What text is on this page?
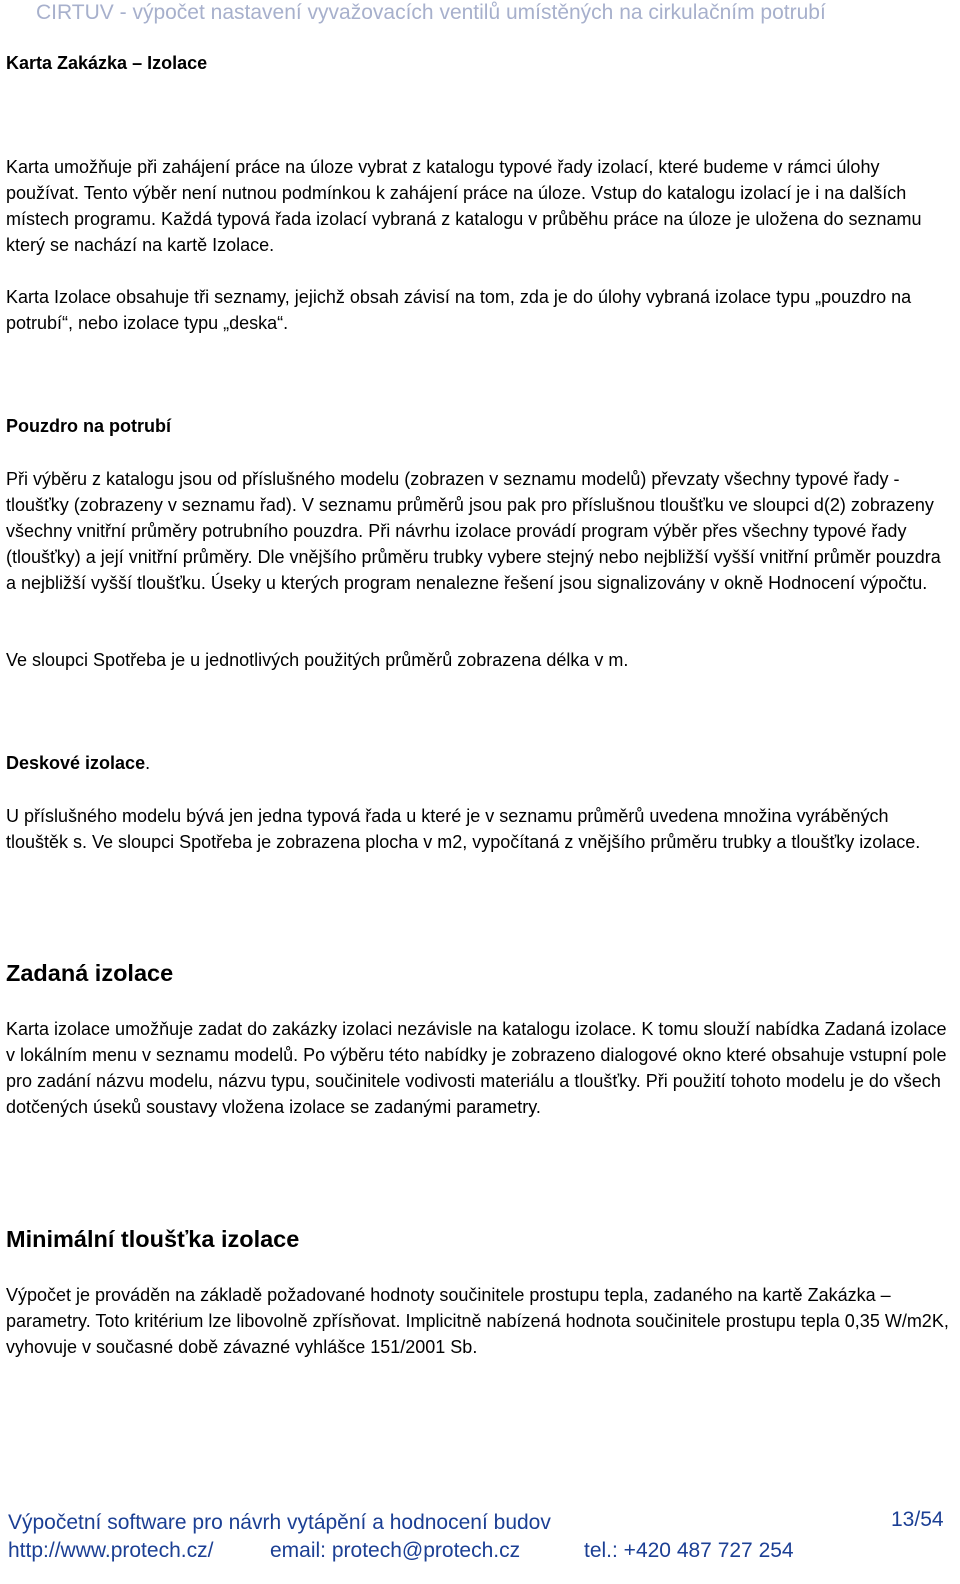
CIRTUV - výpočet nastavení vyvažovacích ventilů umístěných na cirkulačním potrubí
Karta Zakázka – Izolace

Karta umožňuje při zahájení práce na úloze vybrat z katalogu typové řady izolací, které budeme v rámci úlohy používat. Tento výběr není nutnou podmínkou k zahájení práce na úloze. Vstup do katalogu izolací je i na dalších místech programu. Každá typová řada izolací vybraná z katalogu v průběhu práce na úloze je uložena do seznamu který se nachází na kartě Izolace.

Karta Izolace obsahuje tři seznamy, jejichž obsah závisí na tom, zda je do úlohy vybraná izolace typu „pouzdro na potrubí“, nebo izolace typu „deska“.

Pouzdro na potrubí

Při výběru z katalogu jsou od příslušného modelu (zobrazen v seznamu modelů) převzaty všechny typové řady - tloušťky (zobrazeny v seznamu řad). V seznamu průměrů jsou pak pro příslušnou tloušťku ve sloupci d(2) zobrazeny všechny vnitřní průměry potrubního pouzdra. Při návrhu izolace provádí program výběr přes všechny typové řady (tloušťky) a její vnitřní průměry. Dle vnějšího průměru trubky vybere stejný nebo nejbližší vyšší vnitřní průměr pouzdra a nejbližší vyšší tloušťku. Úseky u kterých program nenalezne řešení jsou signalizovány v okně Hodnocení výpočtu.

Ve sloupci Spotřeba je u jednotlivých použitých průměrů zobrazena délka v m.

Deskové izolace.

U příslušného modelu bývá jen jedna typová řada u které je v seznamu průměrů uvedena množina vyráběných tlouštěk s. Ve sloupci Spotřeba je zobrazena plocha v m2, vypočítaná z vnějšího průměru trubky a tloušťky izolace.

Zadaná izolace

Karta izolace umožňuje zadat do zakázky izolaci nezávisle na katalogu izolace. K tomu slouží nabídka Zadaná izolace v lokálním menu v seznamu modelů. Po výběru této nabídky je zobrazeno dialogové okno které obsahuje vstupní pole pro zadání názvu modelu, názvu typu, součinitele vodivosti materiálu a tloušťky. Při použití tohoto modelu je do všech dotčených úseků soustavy vložena izolace se zadanými parametry.

Minimální tloušťka izolace

Výpočet je prováděn na základě požadované hodnoty součinitele prostupu tepla, zadaného na kartě Zakázka – parametry. Toto kritérium lze libovolně zpřísňovat. Implicitně nabízená hodnota součinitele prostupu tepla 0,35 W/m2K, vyhovuje v současné době závazné vyhlášce 151/2001 Sb.

Výpočetní software pro návrh vytápění a hodnocení budov	13/54
http://www.protech.cz/	email: protech@protech.cz	tel.: +420 487 727 254
